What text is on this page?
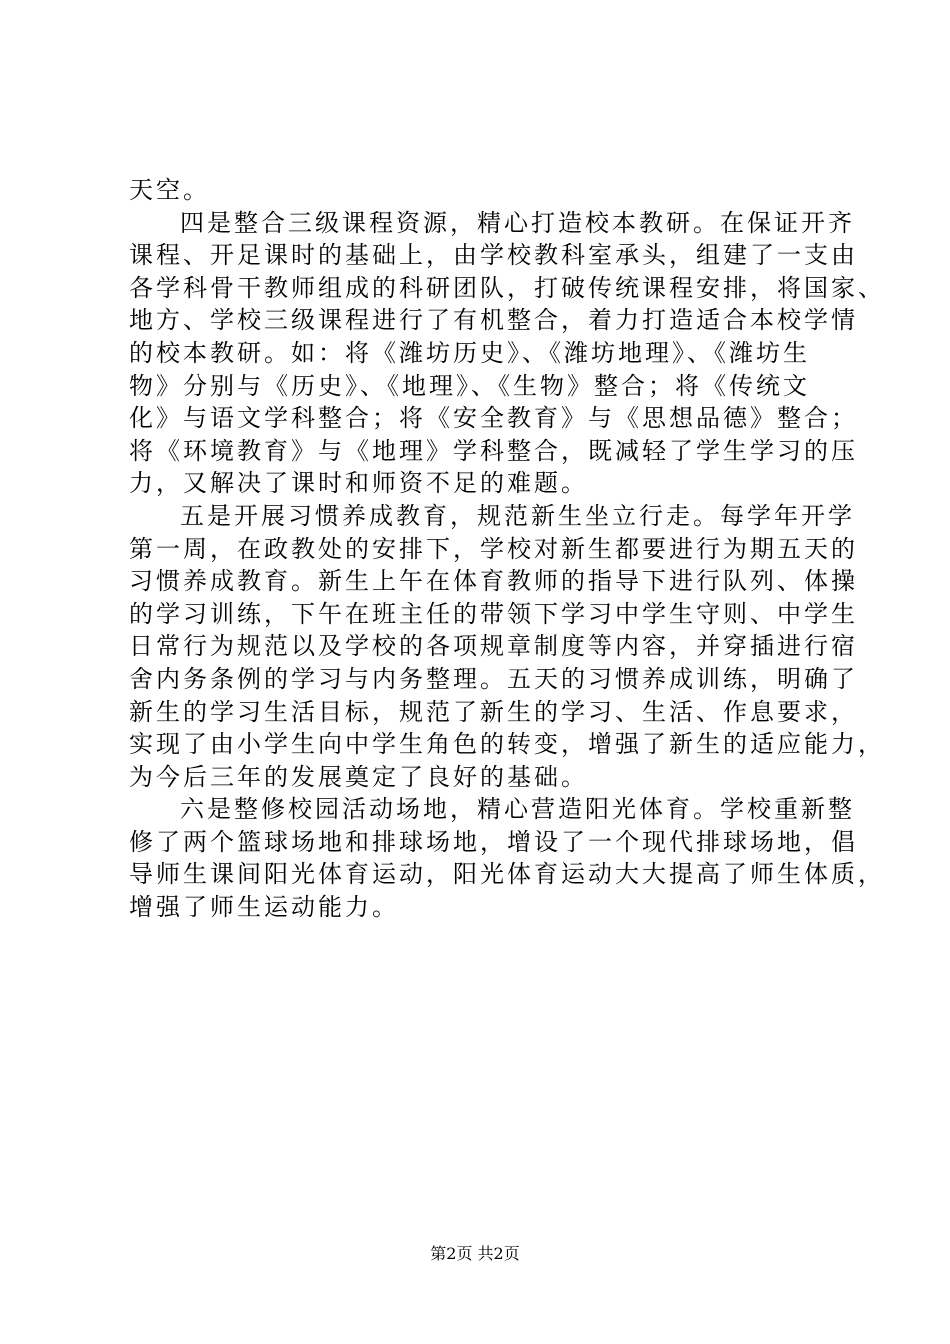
天空。
四是整合三级课程资源，精心打造校本教研。在保证开齐
课程、开足课时的基础上，由学校教科室承头，组建了一支由
各学科骨干教师组成的科研团队，打破传统课程安排，将国家、
地方、学校三级课程进行了有机整合，着力打造适合本校学情
的校本教研。如：将《潍坊历史》、《潍坊地理》、《潍坊生
物》分别与《历史》、《地理》、《生物》整合；将《传统文
化》与语文学科整合；将《安全教育》与《思想品德》整合；
将《环境教育》与《地理》学科整合，既减轻了学生学习的压
力，又解决了课时和师资不足的难题。
五是开展习惯养成教育，规范新生坐立行走。每学年开学
第一周，在政教处的安排下，学校对新生都要进行为期五天的
习惯养成教育。新生上午在体育教师的指导下进行队列、体操
的学习训练，下午在班主任的带领下学习中学生守则、中学生
日常行为规范以及学校的各项规章制度等内容，并穿插进行宿
舍内务条例的学习与内务整理。五天的习惯养成训练，明确了
新生的学习生活目标，规范了新生的学习、生活、作息要求，
实现了由小学生向中学生角色的转变，增强了新生的适应能力，
为今后三年的发展奠定了良好的基础。
六是整修校园活动场地，精心营造阳光体育。学校重新整
修了两个篮球场地和排球场地，增设了一个现代排球场地，倡
导师生课间阳光体育运动，阳光体育运动大大提高了师生体质，
增强了师生运动能力。
第2页 共2页
